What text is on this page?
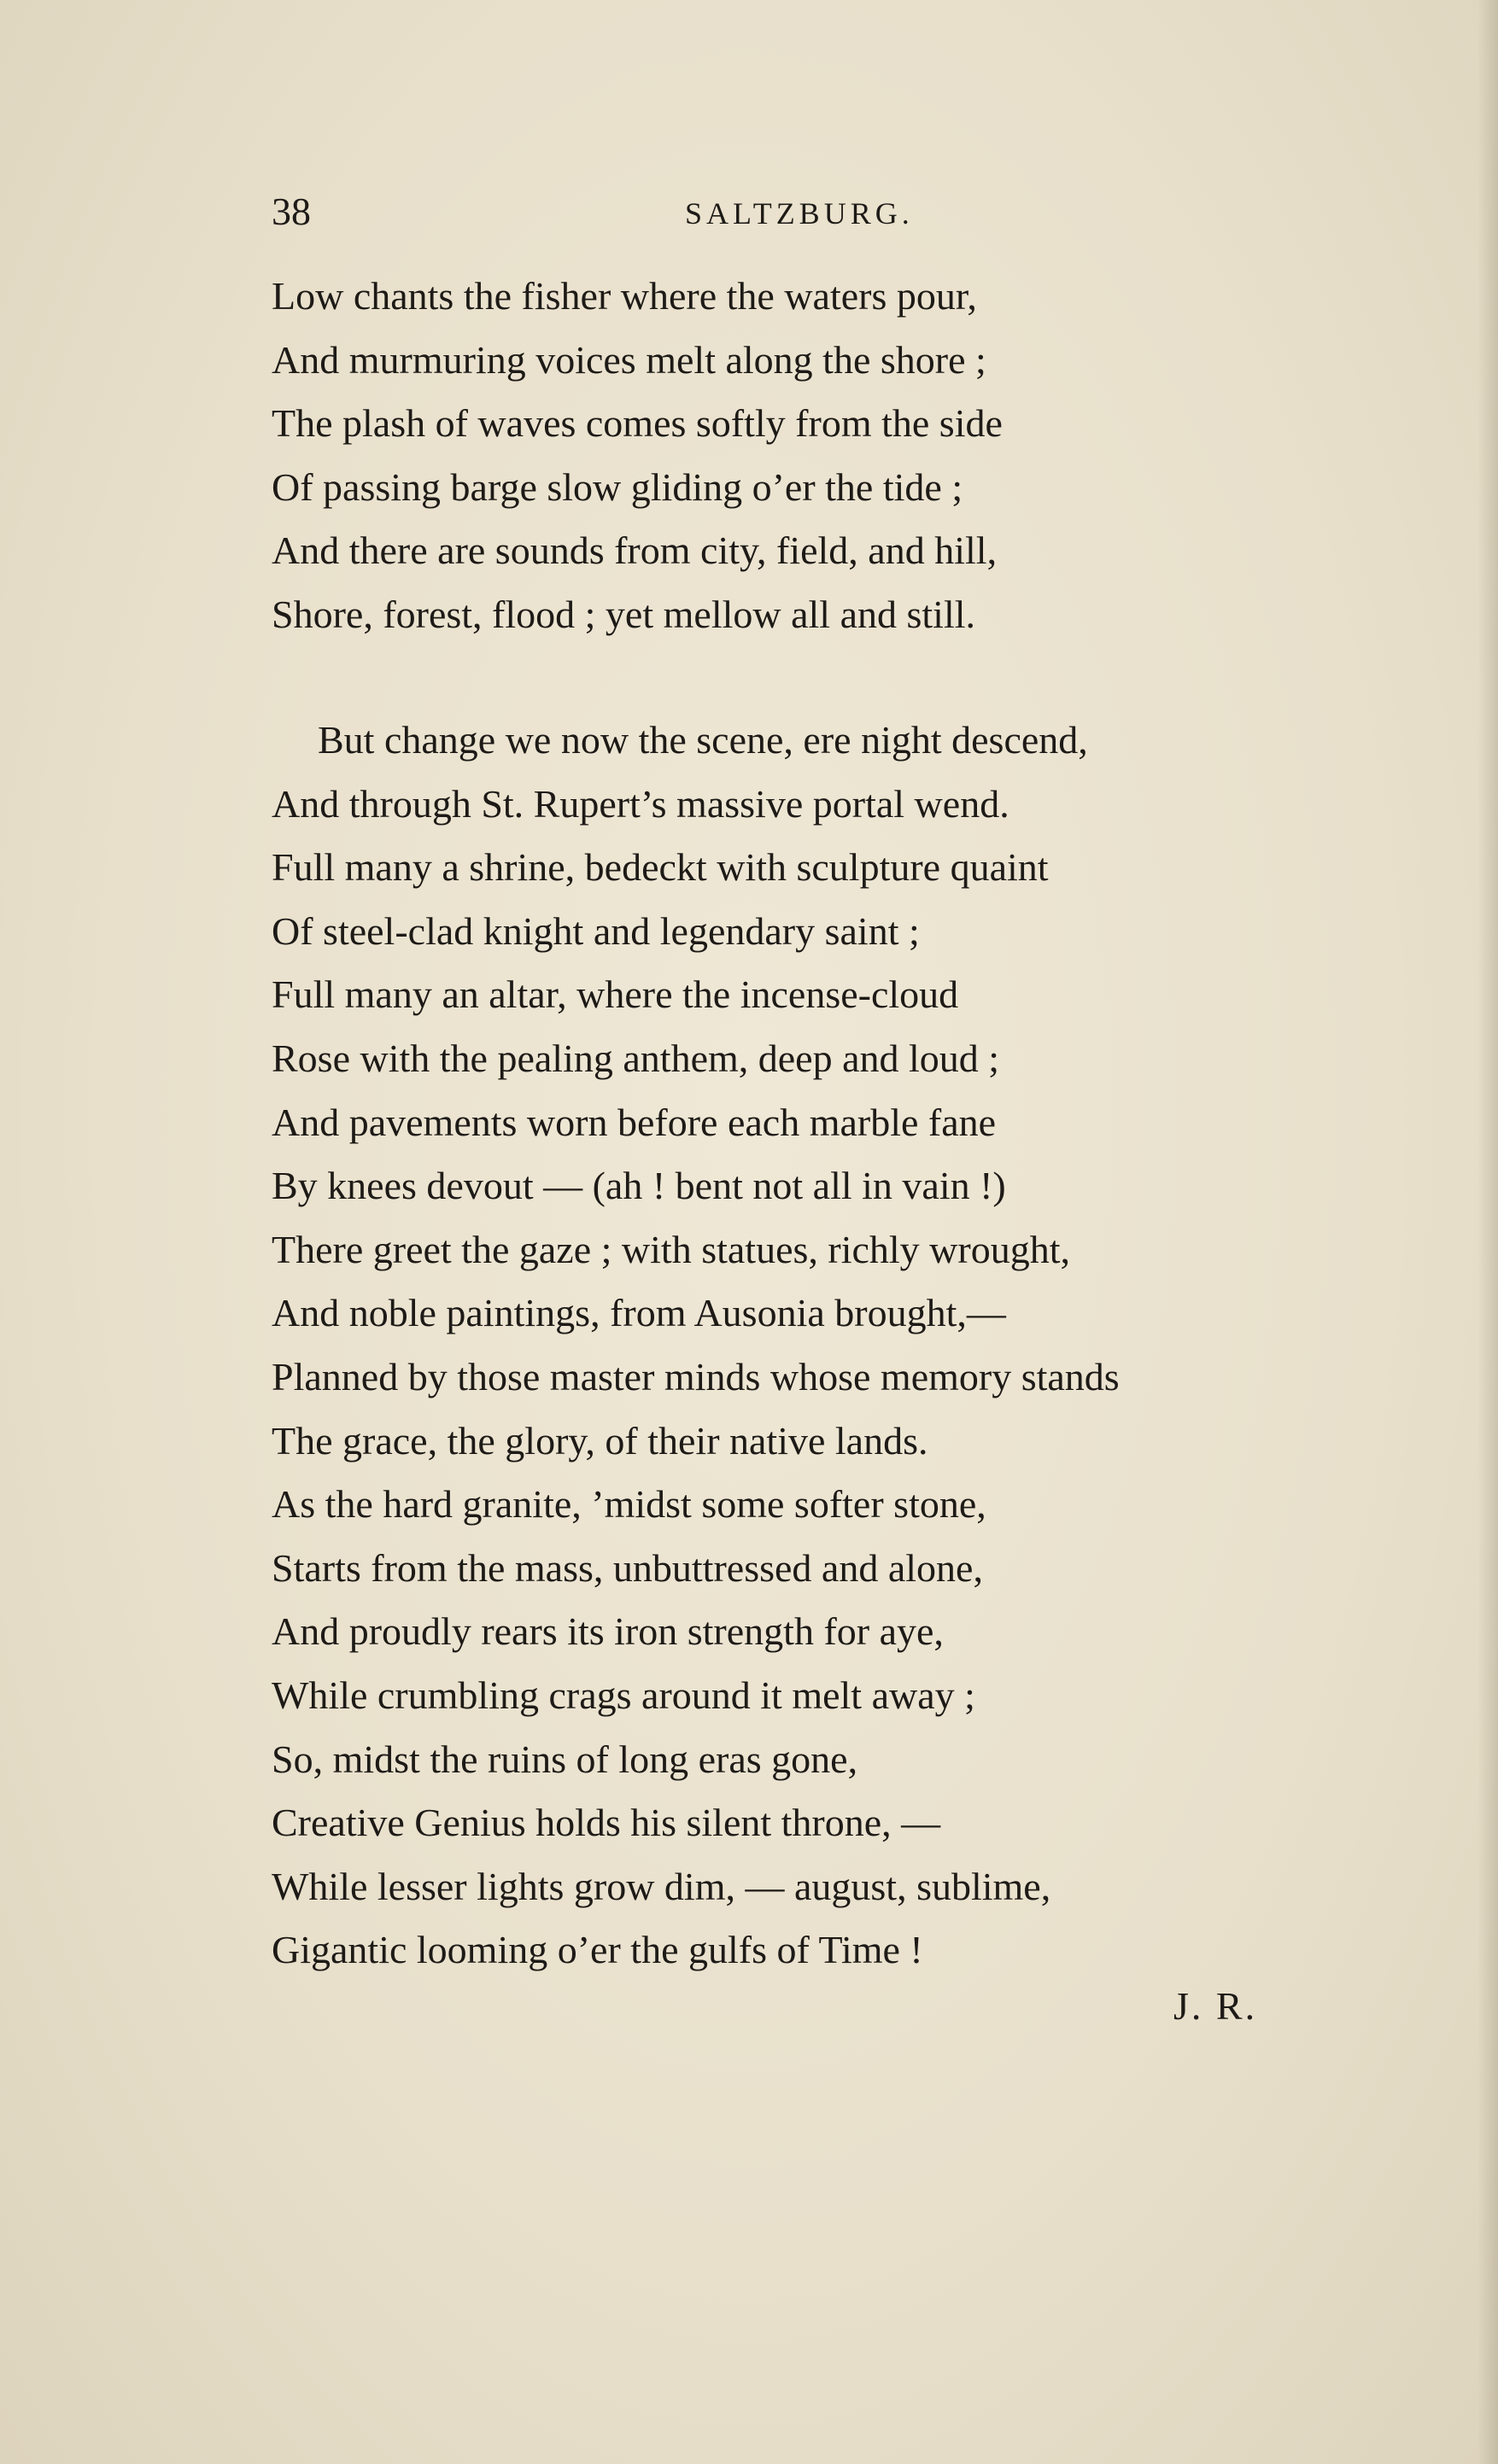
38	SALTZBURG.
Low chants the fisher where the waters pour,
And murmuring voices melt along the shore ;
The plash of waves comes softly from the side
Of passing barge slow gliding o’er the tide ;
And there are sounds from city, field, and hill,
Shore, forest, flood ; yet mellow all and still.
But change we now the scene, ere night descend,
And through St. Rupert’s massive portal wend.
Full many a shrine, bedeckt with sculpture quaint
Of steel-clad knight and legendary saint ;
Full many an altar, where the incense-cloud
Rose with the pealing anthem, deep and loud ;
And pavements worn before each marble fane
By knees devout — (ah ! bent not all in vain !)
There greet the gaze ; with statues, richly wrought,
And noble paintings, from Ausonia brought,—
Planned by those master minds whose memory stands
The grace, the glory, of their native lands.
As the hard granite, ’midst some softer stone,
Starts from the mass, unbuttressed and alone,
And proudly rears its iron strength for aye,
While crumbling crags around it melt away ;
So, midst the ruins of long eras gone,
Creative Genius holds his silent throne, —
While lesser lights grow dim, — august, sublime,
Gigantic looming o’er the gulfs of Time !
J. R.
